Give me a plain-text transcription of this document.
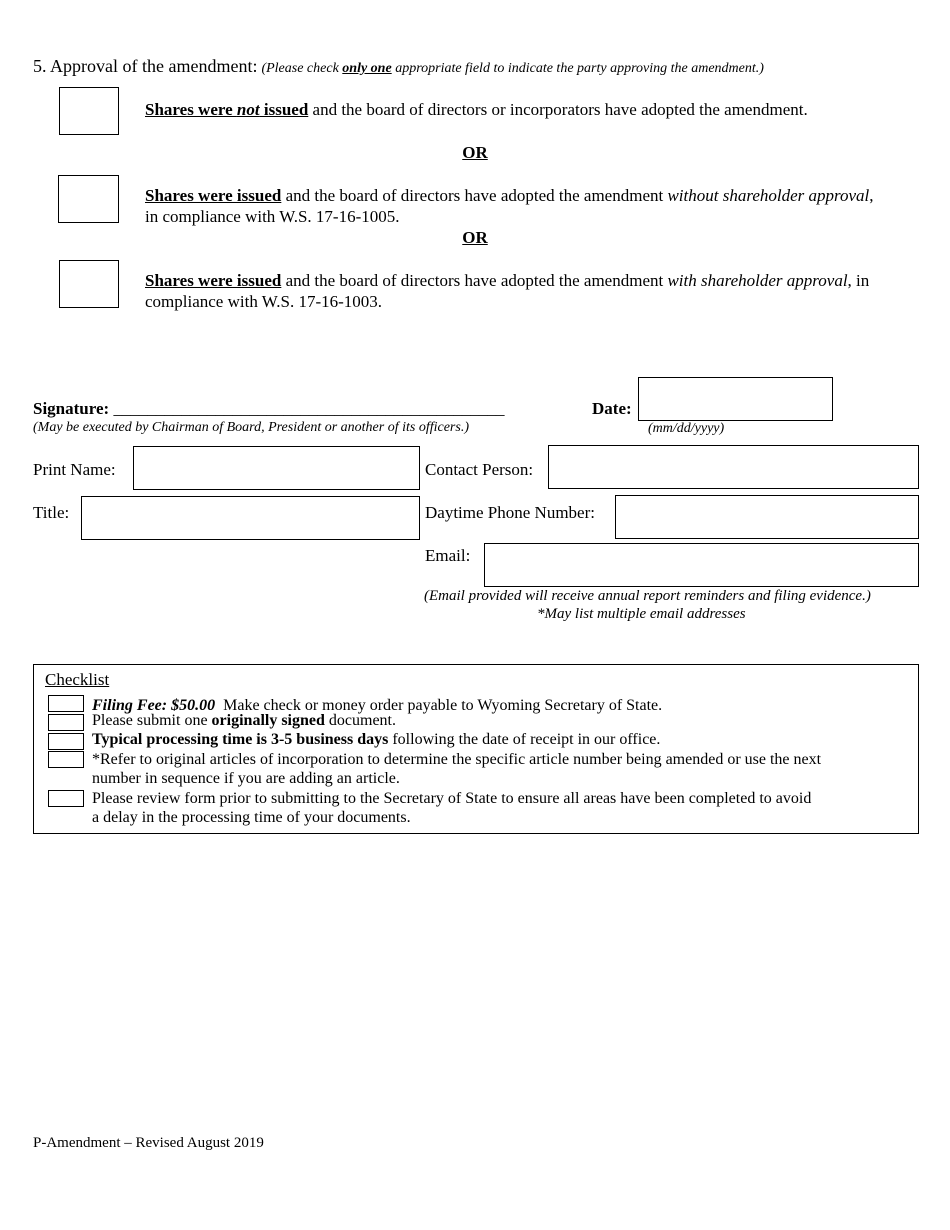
5. Approval of the amendment: (Please check only one appropriate field to indicate the party approving the amendment.)
Shares were not issued and the board of directors or incorporators have adopted the amendment.
OR
Shares were issued and the board of directors have adopted the amendment without shareholder approval, in compliance with W.S. 17-16-1005.
OR
Shares were issued and the board of directors have adopted the amendment with shareholder approval, in compliance with W.S. 17-16-1003.
Signature: ______________________________________________
(May be executed by Chairman of Board, President or another of its officers.)
Date:
(mm/dd/yyyy)
Print Name:
Title:
Contact Person:
Daytime Phone Number:
Email:
(Email provided will receive annual report reminders and filing evidence.)
*May list multiple email addresses
Checklist
Filing Fee: $50.00  Make check or money order payable to Wyoming Secretary of State.
Please submit one originally signed document.
Typical processing time is 3-5 business days following the date of receipt in our office.
*Refer to original articles of incorporation to determine the specific article number being amended or use the next
number in sequence if you are adding an article.
Please review form prior to submitting to the Secretary of State to ensure all areas have been completed to avoid
a delay in the processing time of your documents.
P-Amendment – Revised August 2019
